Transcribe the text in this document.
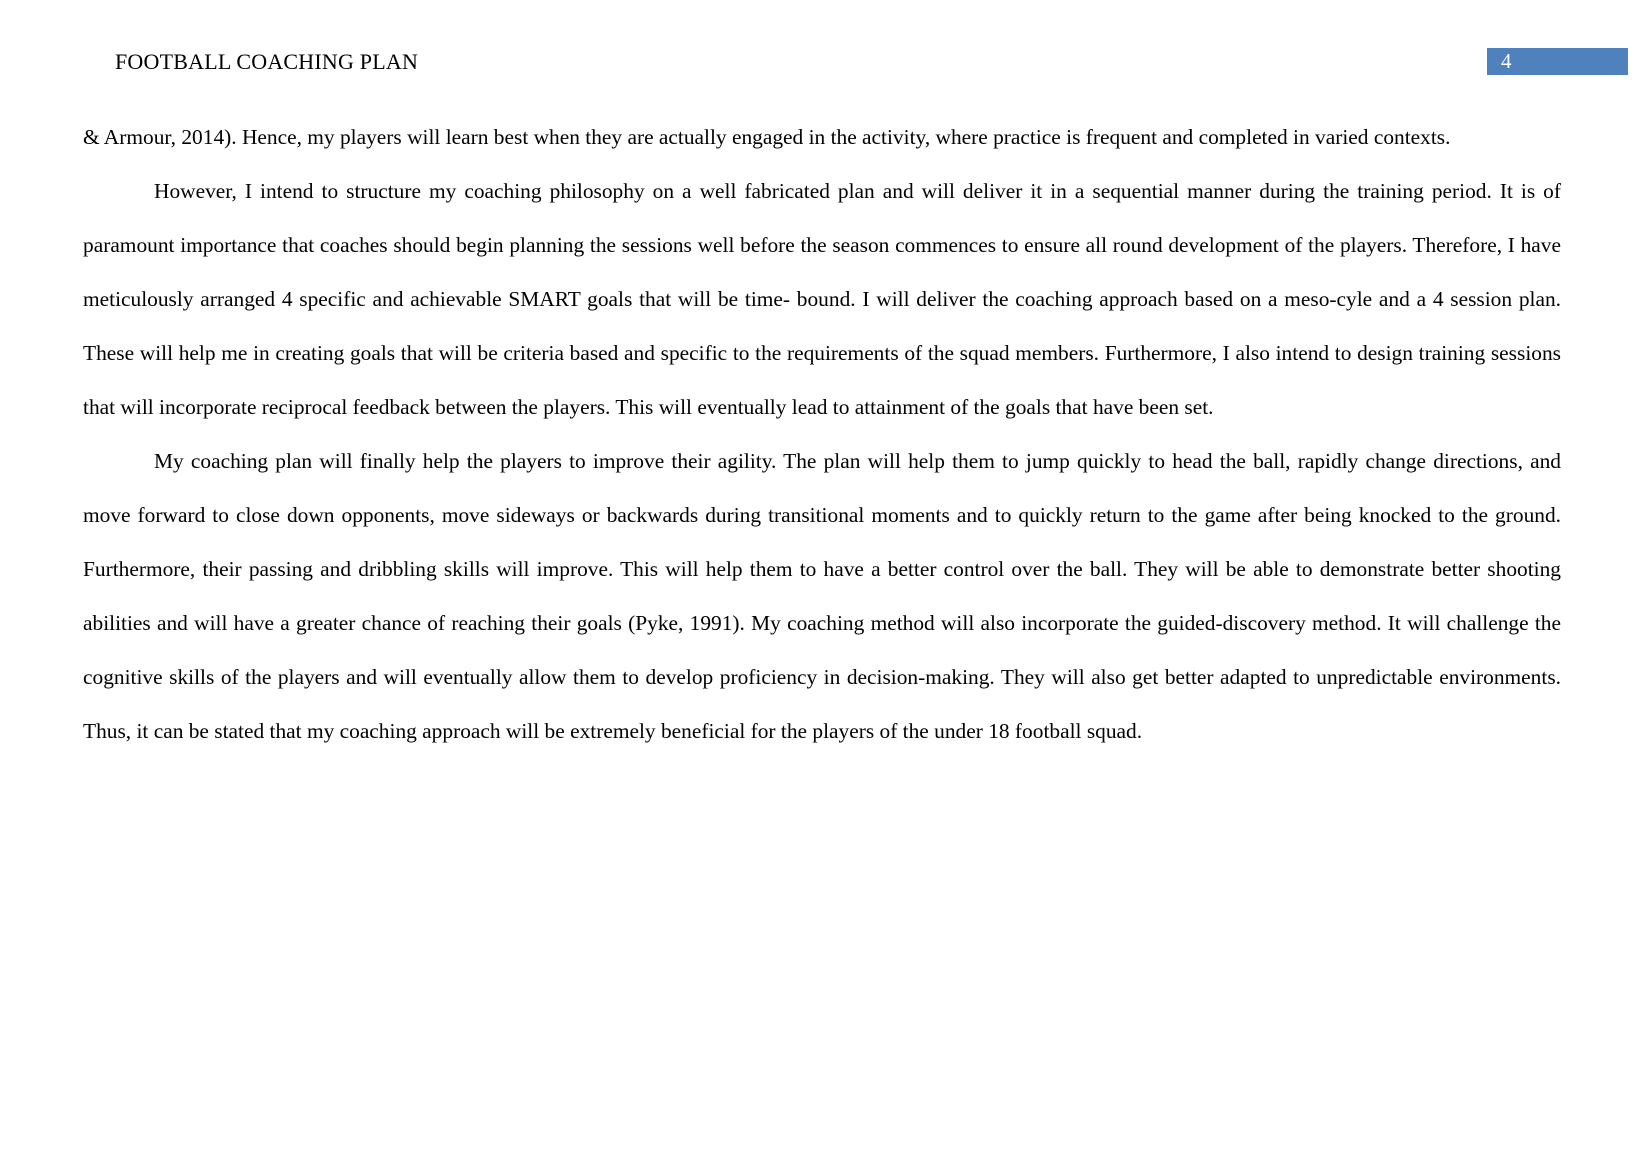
FOOTBALL COACHING PLAN	4

& Armour, 2014). Hence, my players will learn best when they are actually engaged in the activity, where practice is frequent and completed in varied contexts.

However, I intend to structure my coaching philosophy on a well fabricated plan and will deliver it in a sequential manner during the training period. It is of paramount importance that coaches should begin planning the sessions well before the season commences to ensure all round development of the players. Therefore, I have meticulously arranged 4 specific and achievable SMART goals that will be time- bound. I will deliver the coaching approach based on a meso-cyle and a 4 session plan. These will help me in creating goals that will be criteria based and specific to the requirements of the squad members. Furthermore, I also intend to design training sessions that will incorporate reciprocal feedback between the players. This will eventually lead to attainment of the goals that have been set.

My coaching plan will finally help the players to improve their agility. The plan will help them to jump quickly to head the ball, rapidly change directions, and move forward to close down opponents, move sideways or backwards during transitional moments and to quickly return to the game after being knocked to the ground. Furthermore, their passing and dribbling skills will improve. This will help them to have a better control over the ball. They will be able to demonstrate better shooting abilities and will have a greater chance of reaching their goals (Pyke, 1991). My coaching method will also incorporate the guided-discovery method. It will challenge the cognitive skills of the players and will eventually allow them to develop proficiency in decision-making. They will also get better adapted to unpredictable environments. Thus, it can be stated that my coaching approach will be extremely beneficial for the players of the under 18 football squad.
